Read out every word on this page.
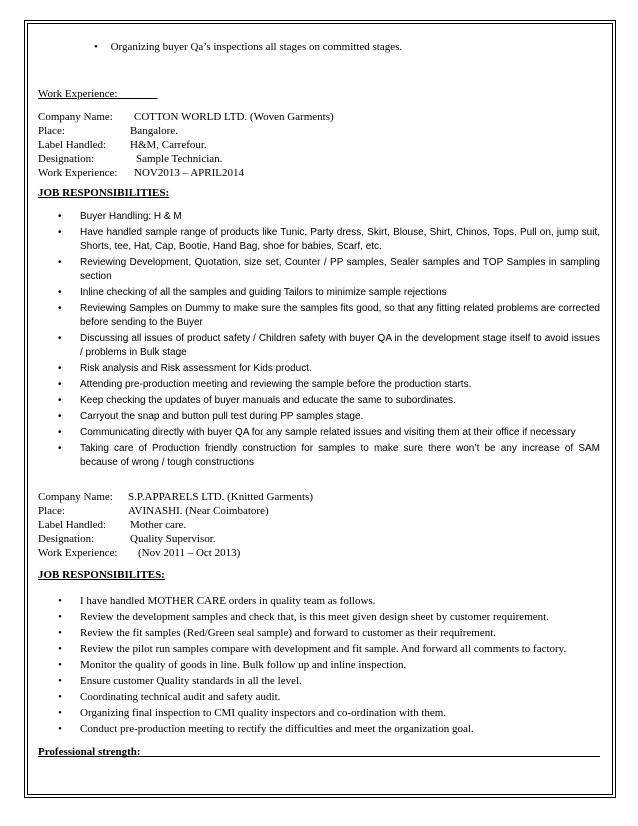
• Organizing buyer Qa’s inspections all stages on committed stages.
Work Experience:
Company Name:	COTTON WORLD LTD. (Woven Garments)
Place:	Bangalore.
Label Handled:	H&M, Carrefour.
Designation:	Sample Technician.
Work Experience:	NOV2013 – APRIL2014
JOB RESPONSIBILITIES:
• Buyer Handling: H & M
• Have handled sample range of products like Tunic, Party dress, Skirt, Blouse, Shirt, Chinos, Tops, Pull on, jump suit, Shorts, tee, Hat, Cap, Bootie, Hand Bag, shoe for babies, Scarf, etc.
• Reviewing Development, Quotation, size set, Counter / PP samples, Sealer samples and TOP Samples in sampling section
• Inline checking of all the samples and guiding Tailors to minimize sample rejections
• Reviewing Samples on Dummy to make sure the samples fits good, so that any fitting related problems are corrected before sending to the Buyer
• Discussing all issues of product safety / Children safety with buyer QA in the development stage itself to avoid issues / problems in Bulk stage
• Risk analysis and Risk assessment for Kids product.
• Attending pre-production meeting and reviewing the sample before the production starts.
• Keep checking the updates of buyer manuals and educate the same to subordinates.
• Carryout the snap and button pull test during PP samples stage.
• Communicating directly with buyer QA for any sample related issues and visiting them at their office if necessary
• Taking care of Production friendly construction for samples to make sure there won’t be any increase of SAM because of wrong / tough constructions
Company Name:	S.P.APPARELS LTD. (Knitted Garments)
Place:	AVINASHI. (Near Coimbatore)
Label Handled:	Mother care.
Designation:	Quality Supervisor.
Work Experience:	(Nov 2011 – Oct 2013)
JOB RESPONSIBILITES:
• I have handled MOTHER CARE orders in quality team as follows.
• Review the development samples and check that, is this meet given design sheet by customer requirement.
• Review the fit samples (Red/Green seal sample) and forward to customer as their requirement.
• Review the pilot run samples compare with development and fit sample. And forward all comments to factory.
• Monitor the quality of goods in line. Bulk follow up and inline inspection.
• Ensure customer Quality standards in all the level.
• Coordinating technical audit and safety audit.
• Organizing final inspection to CMI quality inspectors and co-ordination with them.
• Conduct pre-production meeting to rectify the difficulties and meet the organization goal.
Professional strength:
